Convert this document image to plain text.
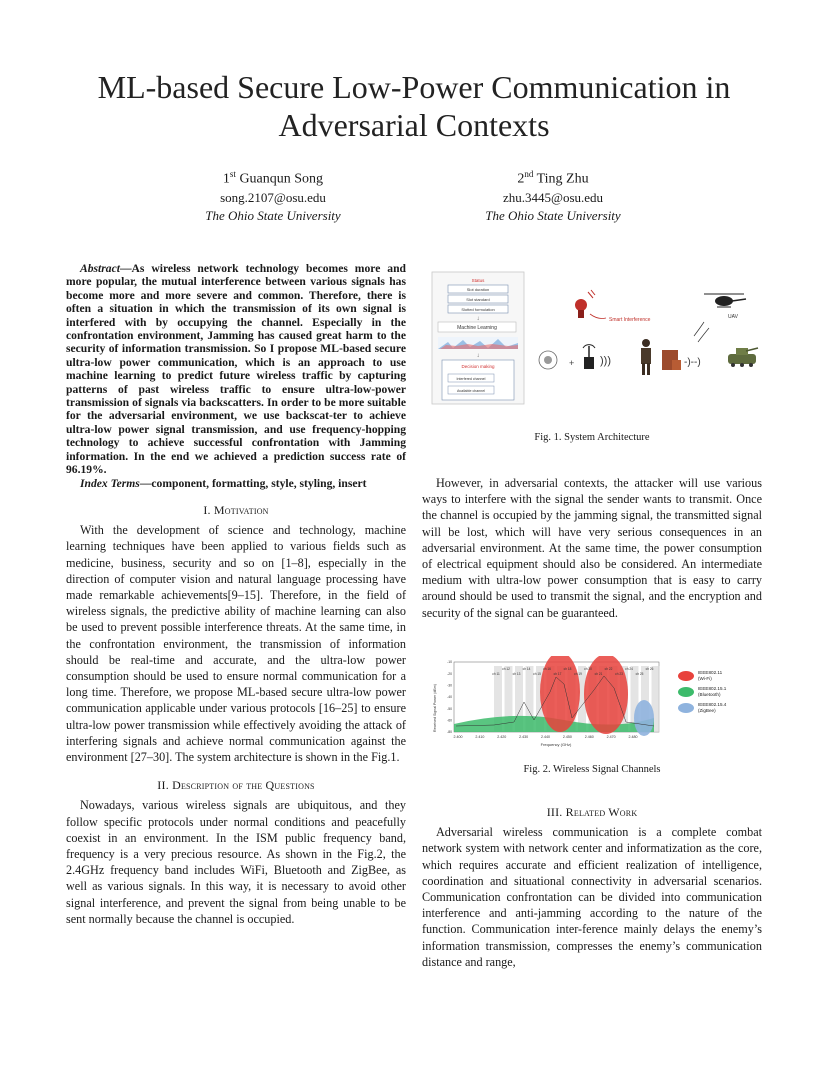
ML-based Secure Low-Power Communication in Adversarial Contexts
1st Guanqun Song
song.2107@osu.edu
The Ohio State University
2nd Ting Zhu
zhu.3445@osu.edu
The Ohio State University

Abstract—As wireless network technology becomes more and more popular, the mutual interference between various signals has become more and more severe and common. Therefore, there is often a situation in which the transmission of its own signal is interfered with by occupying the channel. Especially in the confrontation environment, Jamming has caused great harm to the security of information transmission. So I propose ML-based secure ultra-low power communication, which is an approach to use machine learning to predict future wireless traffic by capturing patterns of past wireless traffic to ensure ultra-low-power transmission of signals via backscatters. In order to be more suitable for the adversarial environment, we use backscat-ter to achieve ultra-low power signal transmission, and use frequency-hopping technology to achieve successful confrontation with Jamming information. In the end we achieved a prediction success rate of 96.19%.

Index Terms—component, formatting, style, styling, insert

I. Motivation

With the development of science and technology, machine learning techniques have been applied to various fields such as medicine, business, security and so on [1–8], especially in the direction of computer vision and natural language processing have made remarkable achievements[9–15]. Therefore, in the field of wireless signals, the predictive ability of machine learning can also be used to prevent possible interference threats. At the same time, in the confrontation environment, the transmission of information should be real-time and accurate, and the ultra-low power consumption should be used to ensure normal communication for a long time. Therefore, we propose ML-based secure ultra-low power communication applicable under various protocols [16–25] to ensure ultra-low power transmission while effectively avoiding the attack of interfering signals and achieve normal communication against the environment [27–30]. The system architecture is shown in the Fig.1.

II. Description of the Questions

Nowadays, various wireless signals are ubiquitous, and they follow specific protocols under normal conditions and peacefully coexist in an environment. In the ISM public frequency band, frequency is a very precious resource. As shown in the Fig.2, the 2.4GHz frequency band includes WiFi, Bluetooth and ZigBee, as well as various signals. In this way, it is necessary to avoid other signal interference, and prevent the signal from being unable to be sent normally because the channel is occupied.

Status
Slot duration
Slot standard
Slotted formulation
↓
Machine Learning
↓
Decision making
Interfered channel
Available channel
+ )))	-)--)
Smart Interference	UAV
Fig. 1. System Architecture

However, in adversarial contexts, the attacker will use various ways to interfere with the signal the sender wants to transmit. Once the channel is occupied by the jamming signal, the transmitted signal will be lost, which will have very serious consequences in an adversarial environment. At the same time, the power consumption of electrical equipment should also be considered. An intermediate medium with ultra-low power consumption that is easy to carry around should be used to transmit the signal, and the encryption and security of the signal can be guaranteed.

Received Signal Power (dBm)
-10
-20
-30
-40
-50
-60
-80
2.400	2.410	2.420	2.430	2.440	2.450	2.460	2.470	2.480
ch 12	ch 14	ch 16	ch 18	ch 20	ch 22	ch 24	ch 26
ch 11	ch 13	ch 15	ch 17	ch 19	ch 21	ch 23	ch 25
Frequency (GHz)
IEEE802.11
(Wi-Fi)
IEEE802.15.1
(Bluetooth)
IEEE802.15.4
(ZigBee)
Fig. 2. Wireless Signal Channels
III. Related Work

Adversarial wireless communication is a complete combat network system with network center and informatization as the core, which requires accurate and efficient realization of intelligence, coordination and situational connectivity in adversarial scenarios. Communication confrontation can be divided into communication interference and anti-jamming according to the nature of the function. Communication inter-ference mainly delays the enemy’s information transmission, compresses the enemy’s communication distance and range,
